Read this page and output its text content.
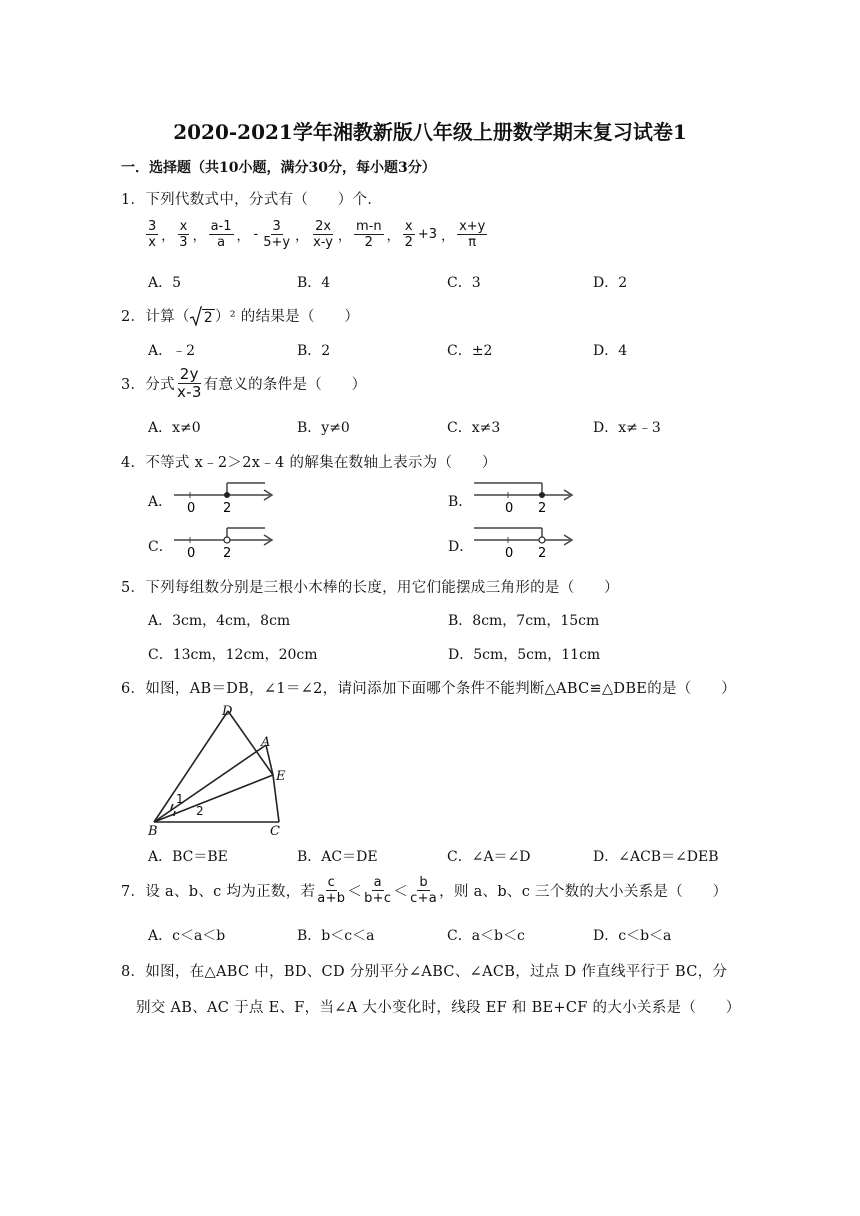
2020-2021学年湘教新版八年级上册数学期末复习试卷1
一．选择题（共10小题，满分30分，每小题3分）
1．下列代数式中，分式有（　　）个．
$\frac{3}{x}$ ， $\frac{x}{3}$ ， $\frac{a-1}{a}$ ， - $\frac{3}{5+y}$ ， $\frac{2x}{x-y}$ ， $\frac{m-n}{2}$ ， $\frac{x}{2} +3$ ， $\frac{x+y}{\pi}$
A．5	B．4	C．3	D．2
2．计算（ 2 ）² 的结果是（　　）
A．﹣2	B．2	C．±2	D．4
3．分式 $\frac{2y}{x-3}$ 有意义的条件是（　　）
A．x≠0	B．y≠0	C．x≠3	D．x≠﹣3
4．不等式 x﹣2＞2x﹣4 的解集在数轴上表示为（　　）
A． 0 2	B．	0 2
C． 0 2	D． 0 2
5．下列每组数分别是三根小木棒的长度，用它们能摆成三角形的是（　　）
A．3cm，4cm，8cm	B．8cm，7cm，15cm
C．13cm，12cm，20cm	D．5cm，5cm，11cm
6．如图，AB＝DB，∠1＝∠2，请问添加下面哪个条件不能判断△ABC≌△DBE的是（　　）
D
A
E
B	C
1
2
A．BC＝BE	B．AC＝DE	C．∠A＝∠D	D．∠ACB＝∠DEB
7．设 a、b、c 均为正数，若 $\frac{c}{a+b} < \frac{a}{b+c} < \frac{b}{c+a}$ ，则 a、b、c 三个数的大小关系是（　　）
A．c＜a＜b	B．b＜c＜a	C．a＜b＜c	D．c＜b＜a
8．如图，在△ABC 中，BD、CD 分别平分∠ABC、∠ACB，过点 D 作直线平行于 BC，分
别交 AB、AC 于点 E、F，当∠A 大小变化时，线段 EF 和 BE+CF 的大小关系是（　　）
